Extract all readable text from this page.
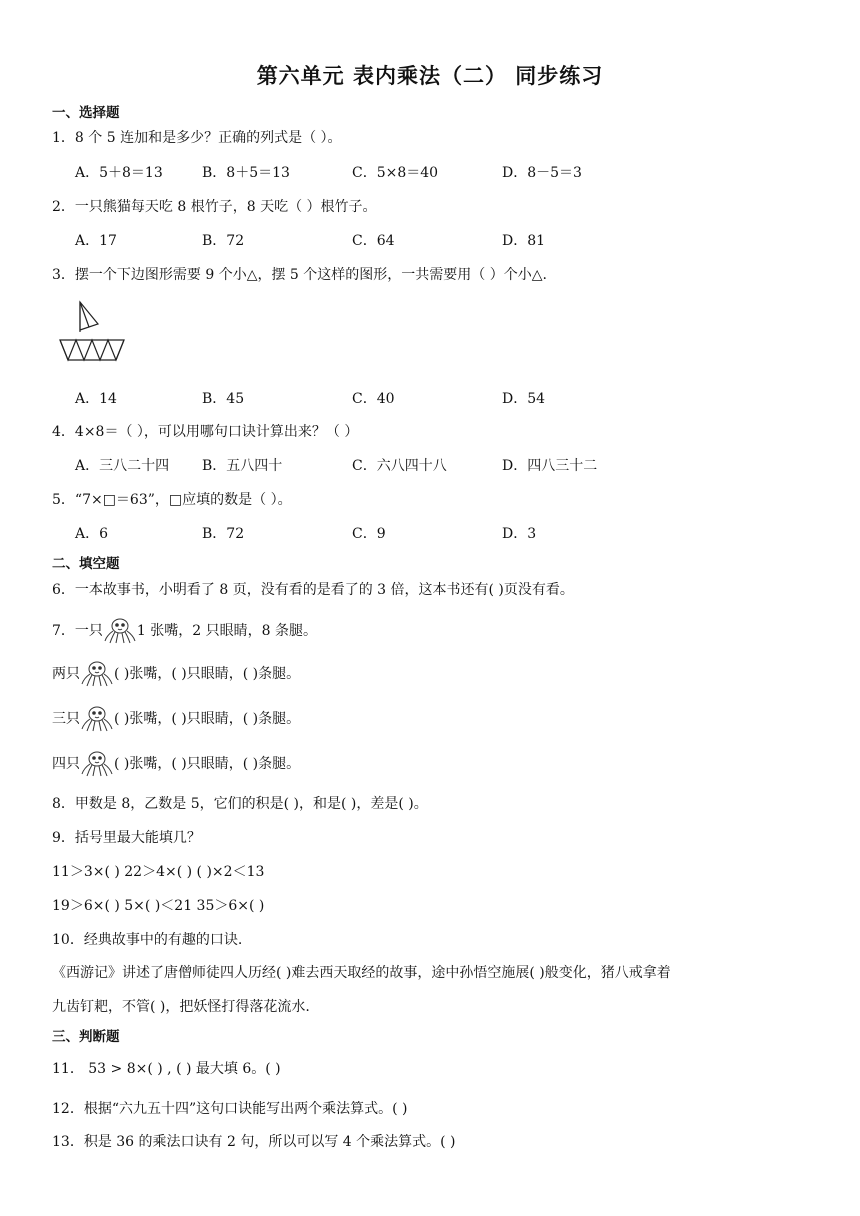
第六单元 表内乘法（二） 同步练习
一、选择题
1．8 个 5 连加和是多少？正确的列式是（ ）。
A．5＋8＝13	B．8＋5＝13	C．5×8＝40	D．8－5＝3
2．一只熊猫每天吃 8 根竹子，8 天吃（ ）根竹子。
A．17	B．72	C．64	D．81
3．摆一个下边图形需要 9 个小△，摆 5 个这样的图形，一共需要用（ ）个小△.
A．14	B．45	C．40	D．54
4．4×8＝（ ），可以用哪句口诀计算出来？（ ）
A．三八二十四 B．五八四十	C．六八四十八	D．四八三十二
5．“7×□＝63”，□应填的数是（ ）。
A．6	B．72	C．9	D．3
二、填空题
6．一本故事书，小明看了 8 页，没有看的是看了的 3 倍，这本书还有( )页没有看。
7．一只 1 张嘴，2 只眼睛，8 条腿。
两只 ( )张嘴，( )只眼睛，( )条腿。
三只 ( )张嘴，( )只眼睛，( )条腿。
四只 ( )张嘴，( )只眼睛，( )条腿。
8．甲数是 8，乙数是 5，它们的积是( )，和是( )，差是( )。
9．括号里最大能填几？
11＞3×( ) 22＞4×( ) ( )×2＜13
19＞6×( ) 5×( )＜21 35＞6×( )
10．经典故事中的有趣的口诀.
《西游记》讲述了唐僧师徒四人历经( )难去西天取经的故事，途中孙悟空施展( )般变化，猪八戒拿着
九齿钉耙，不管( )，把妖怪打得落花流水.
三、判断题
11． 53 > 8×( ) , ( ) 最大填 6。( )
12．根据“六九五十四”这句口诀能写出两个乘法算式。( )
13．积是 36 的乘法口诀有 2 句，所以可以写 4 个乘法算式。( )
